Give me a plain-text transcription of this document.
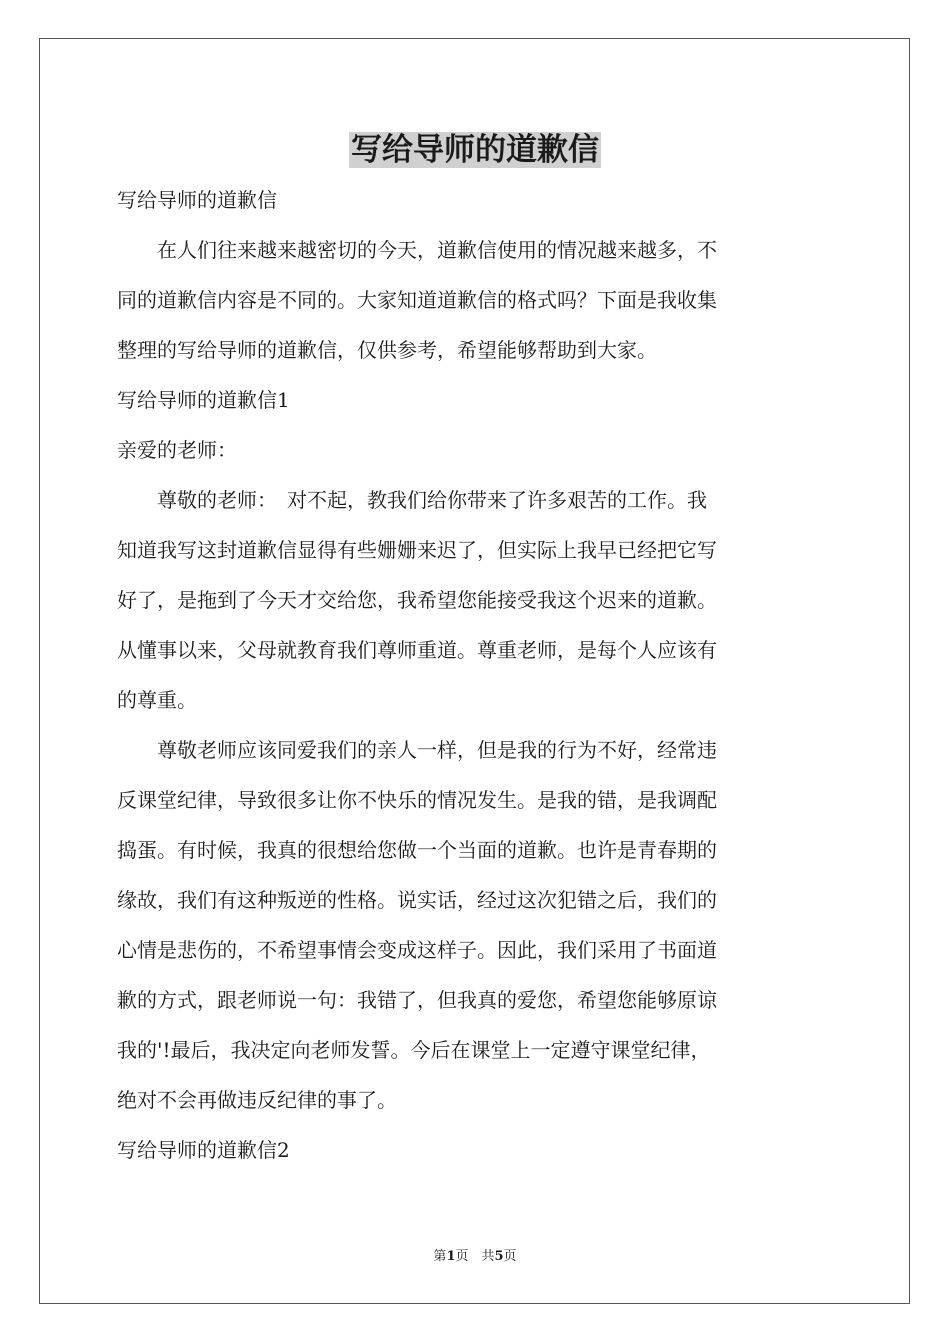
写给导师的道歉信

写给导师的道歉信

　　在人们往来越来越密切的今天，道歉信使用的情况越来越多，不

同的道歉信内容是不同的。大家知道道歉信的格式吗？下面是我收集

整理的写给导师的道歉信，仅供参考，希望能够帮助到大家。

写给导师的道歉信1

亲爱的老师：

　　尊敬的老师：　对不起，教我们给你带来了许多艰苦的工作。我

知道我写这封道歉信显得有些姗姗来迟了，但实际上我早已经把它写

好了，是拖到了今天才交给您，我希望您能接受我这个迟来的道歉。

从懂事以来，父母就教育我们尊师重道。尊重老师，是每个人应该有

的尊重。

　　尊敬老师应该同爱我们的亲人一样，但是我的行为不好，经常违

反课堂纪律，导致很多让你不快乐的情况发生。是我的错，是我调配

捣蛋。有时候，我真的很想给您做一个当面的道歉。也许是青春期的

缘故，我们有这种叛逆的性格。说实话，经过这次犯错之后，我们的

心情是悲伤的，不希望事情会变成这样子。因此，我们采用了书面道

歉的方式，跟老师说一句：我错了，但我真的爱您，希望您能够原谅

我的'!最后，我决定向老师发誓。今后在课堂上一定遵守课堂纪律，

绝对不会再做违反纪律的事了。

写给导师的道歉信2

第1页　共5页
